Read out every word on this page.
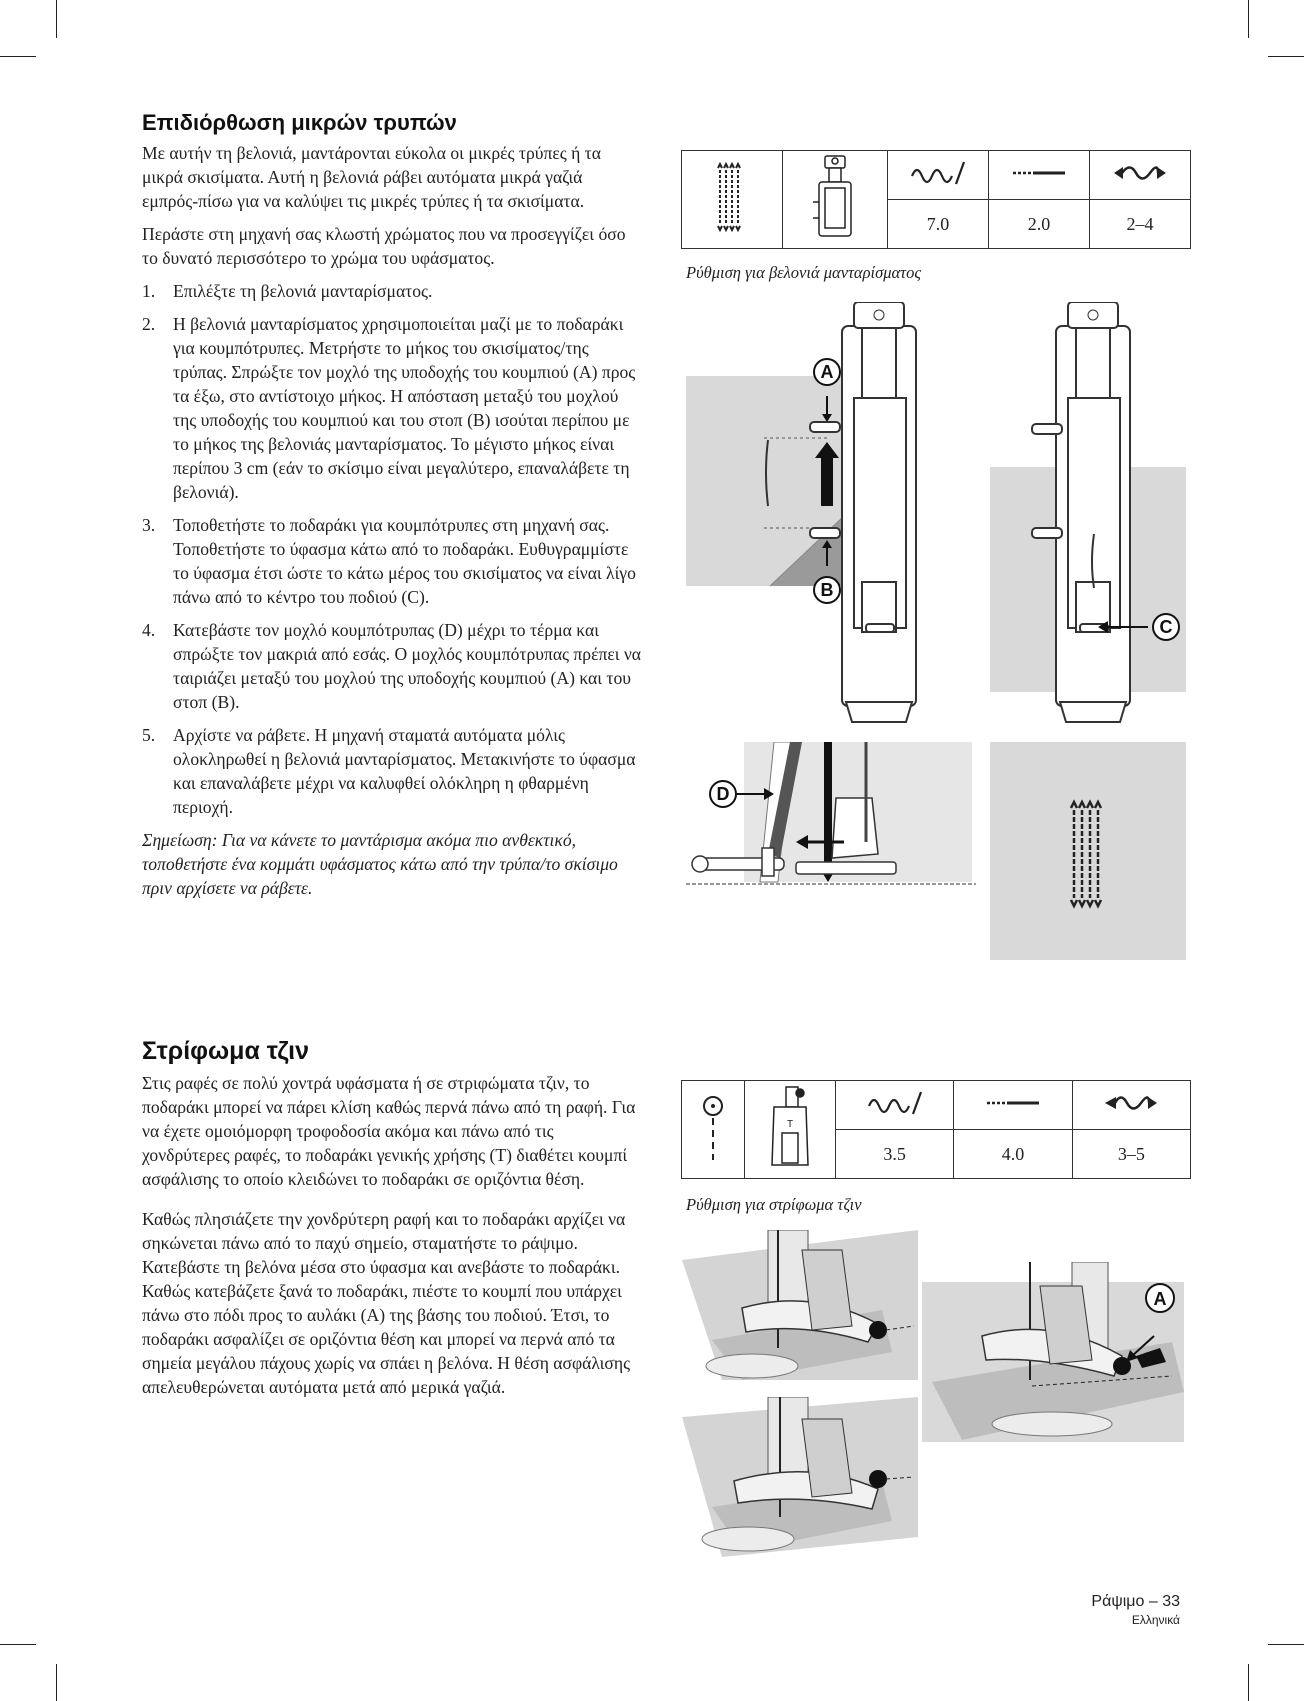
Επιδιόρθωση μικρών τρυπών

Με αυτήν τη βελονιά, μαντάρονται εύκολα οι μικρές τρύπες ή τα μικρά σκισίματα. Αυτή η βελονιά ράβει αυτόματα μικρά γαζιά εμπρός-πίσω για να καλύψει τις μικρές τρύπες ή τα σκισίματα.

Περάστε στη μηχανή σας κλωστή χρώματος που να προσεγγίζει όσο το δυνατό περισσότερο το χρώμα του υφάσματος.

1. Επιλέξτε τη βελονιά μανταρίσματος.
2. Η βελονιά μανταρίσματος χρησιμοποιείται μαζί με το ποδαράκι για κουμπότρυπες. Μετρήστε το μήκος του σκισίματος/της τρύπας. Σπρώξτε τον μοχλό της υποδοχής του κουμπιού (A) προς τα έξω, στο αντίστοιχο μήκος. Η απόσταση μεταξύ του μοχλού της υποδοχής του κουμπιού και του στοπ (B) ισούται περίπου με το μήκος της βελονιάς μανταρίσματος. Το μέγιστο μήκος είναι περίπου 3 cm (εάν το σκίσιμο είναι μεγαλύτερο, επαναλάβετε τη βελονιά).
3. Τοποθετήστε το ποδαράκι για κουμπότρυπες στη μηχανή σας. Τοποθετήστε το ύφασμα κάτω από το ποδαράκι. Ευθυγραμμίστε το ύφασμα έτσι ώστε το κάτω μέρος του σκισίματος να είναι λίγο πάνω από το κέντρο του ποδιού (C).
4. Κατεβάστε τον μοχλό κουμπότρυπας (D) μέχρι το τέρμα και σπρώξτε τον μακριά από εσάς. Ο μοχλός κουμπότρυπας πρέπει να ταιριάζει μεταξύ του μοχλού της υποδοχής κουμπιού (A) και του στοπ (B).
5. Αρχίστε να ράβετε. Η μηχανή σταματά αυτόματα μόλις ολοκληρωθεί η βελονιά μανταρίσματος. Μετακινήστε το ύφασμα και επαναλάβετε μέχρι να καλυφθεί ολόκληρη η φθαρμένη περιοχή.

Σημείωση: Για να κάνετε το μαντάρισμα ακόμα πιο ανθεκτικό, τοποθετήστε ένα κομμάτι υφάσματος κάτω από την τρύπα/το σκίσιμο πριν αρχίσετε να ράβετε.

		7.0	2.0	2–4
Ρύθμιση για βελονιά μανταρίσματος
A
B
C
D
Στρίφωμα τζιν

Στις ραφές σε πολύ χοντρά υφάσματα ή σε στριφώματα τζιν, το ποδαράκι μπορεί να πάρει κλίση καθώς περνά πάνω από τη ραφή. Για να έχετε ομοιόμορφη τροφοδοσία ακόμα και πάνω από τις χονδρύτερες ραφές, το ποδαράκι γενικής χρήσης (T) διαθέτει κουμπί ασφάλισης το οποίο κλειδώνει το ποδαράκι σε οριζόντια θέση.

Καθώς πλησιάζετε την χονδρύτερη ραφή και το ποδαράκι αρχίζει να σηκώνεται πάνω από το παχύ σημείο, σταματήστε το ράψιμο. Κατεβάστε τη βελόνα μέσα στο ύφασμα και ανεβάστε το ποδαράκι. Καθώς κατεβάζετε ξανά το ποδαράκι, πιέστε το κουμπί που υπάρχει πάνω στο πόδι προς το αυλάκι (A) της βάσης του ποδιού. Έτσι, το ποδαράκι ασφαλίζει σε οριζόντια θέση και μπορεί να περνά από τα σημεία μεγάλου πάχους χωρίς να σπάει η βελόνα. Η θέση ασφάλισης απελευθερώνεται αυτόματα μετά από μερικά γαζιά.

T

		3.5	4.0	3–5
Ρύθμιση για στρίφωμα τζιν
A
Ράψιμο – 33
Ελληνικά
